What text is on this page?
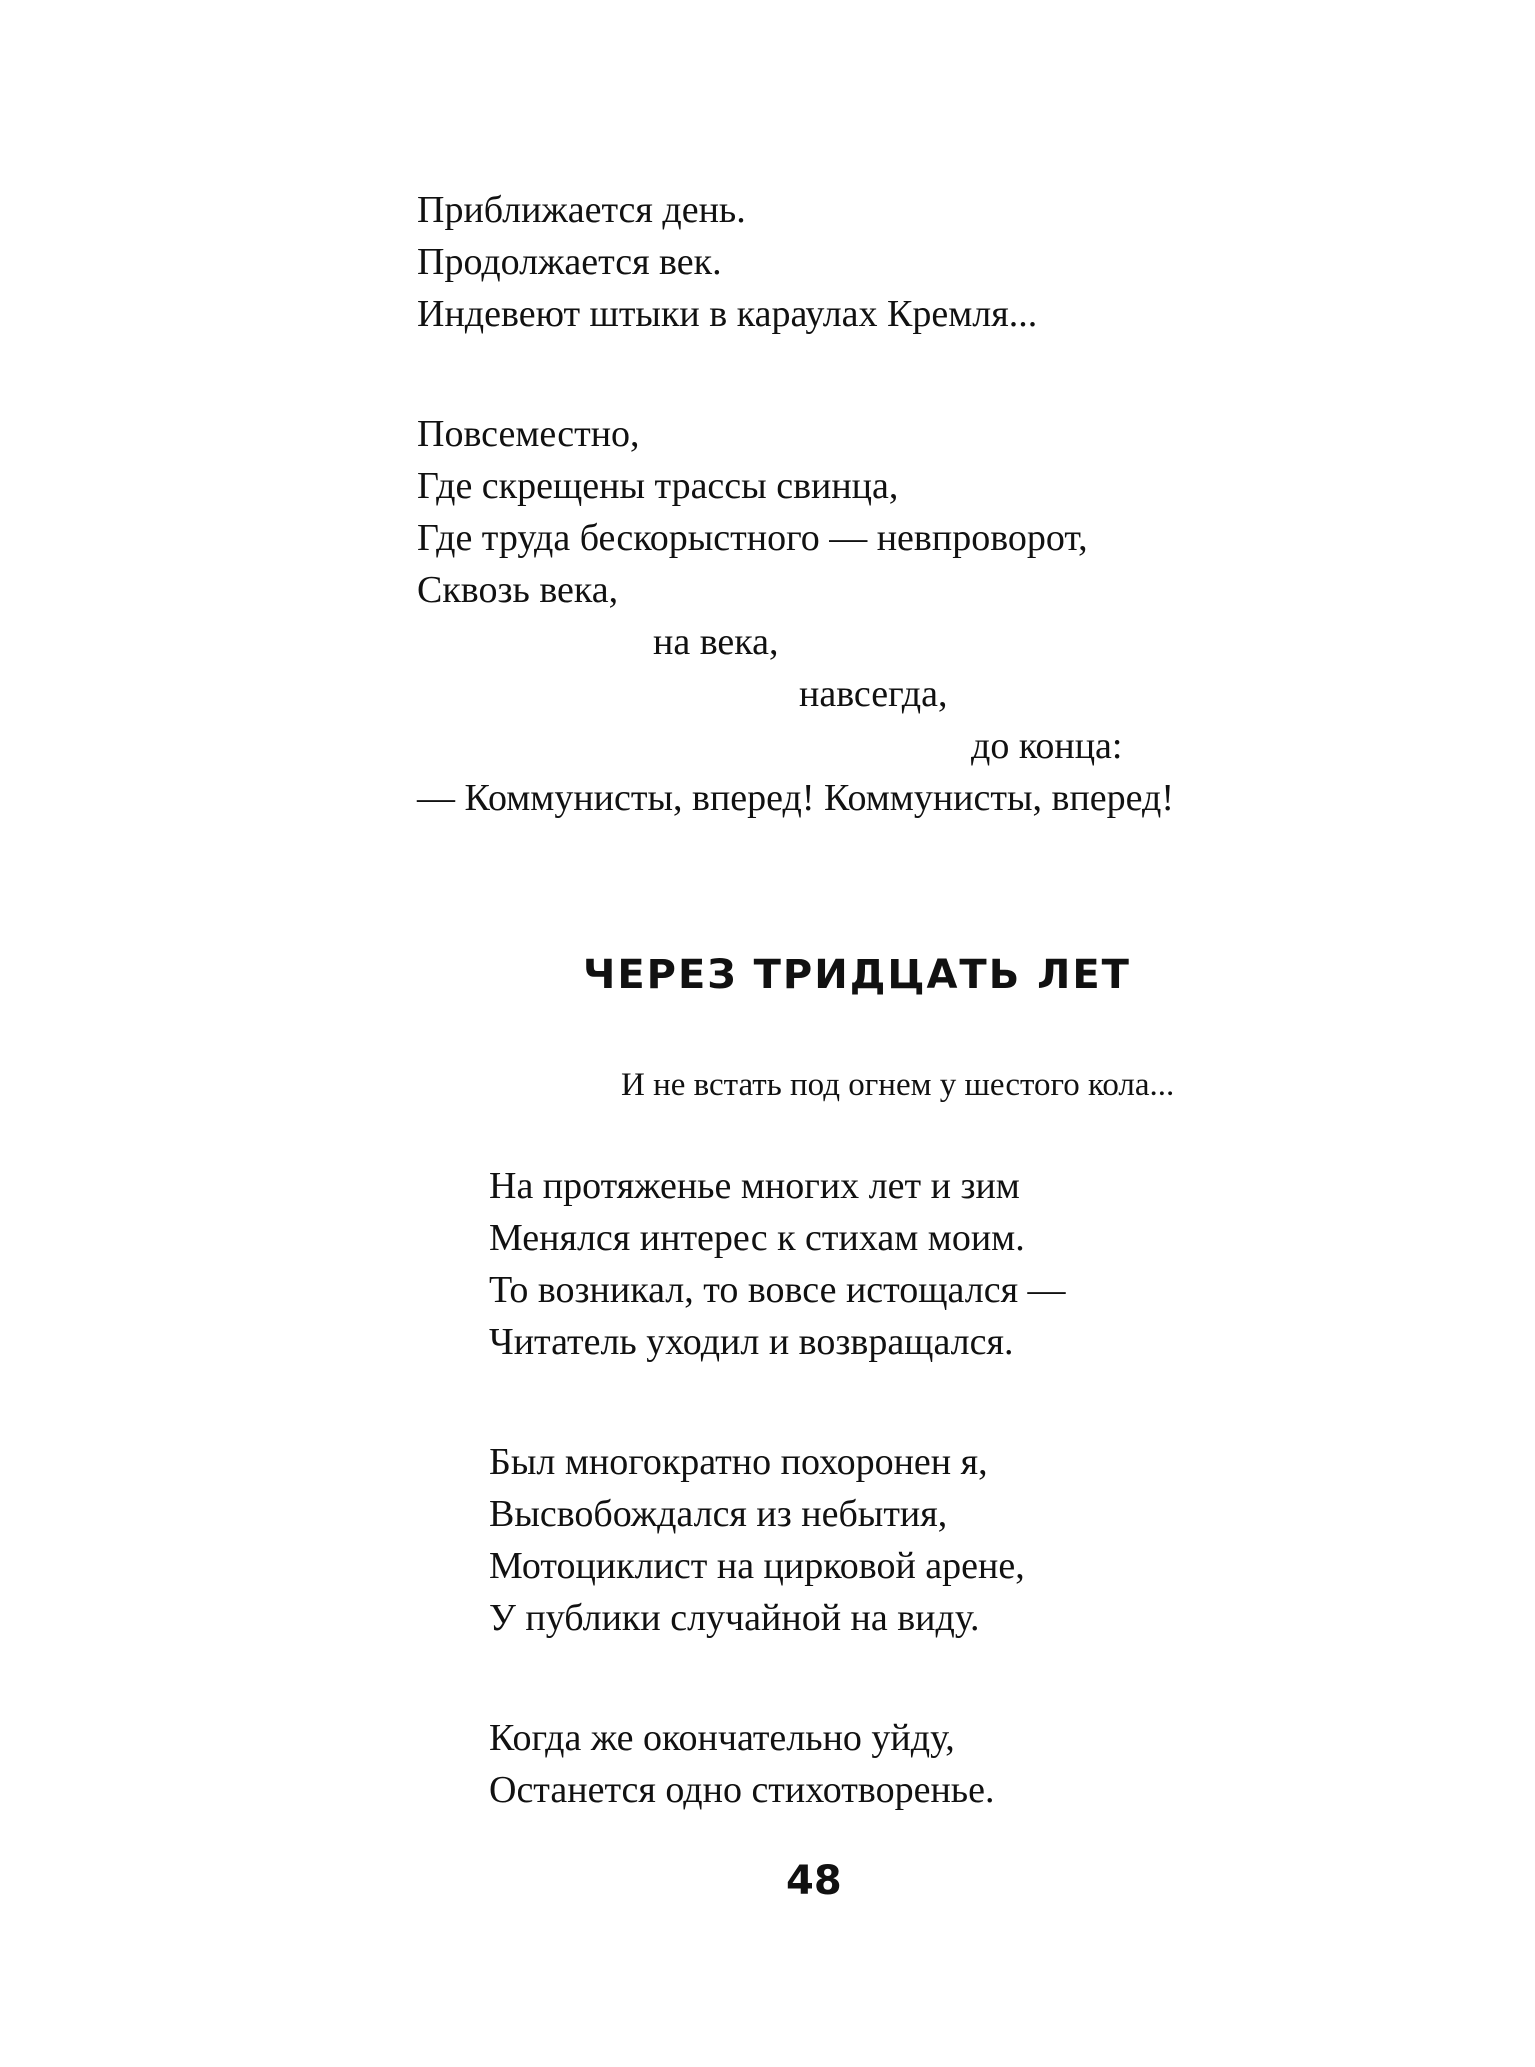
Приближается день.
Продолжается век.
Индевеют штыки в караулах Кремля...
Повсеместно,
Где скрещены трассы свинца,
Где труда бескорыстного — невпроворот,
Сквозь века,
на века,
навсегда,
до конца:
— Коммунисты, вперед! Коммунисты, вперед!
ЧЕРЕЗ ТРИДЦАТЬ ЛЕТ
И не встать под огнем у шестого кола...
На протяженье многих лет и зим
Менялся интерес к стихам моим.
То возникал, то вовсе истощался —
Читатель уходил и возвращался.
Был многократно похоронен я,
Высвобождался из небытия,
Мотоциклист на цирковой арене,
У публики случайной на виду.
Когда же окончательно уйду,
Останется одно стихотворенье.
48
